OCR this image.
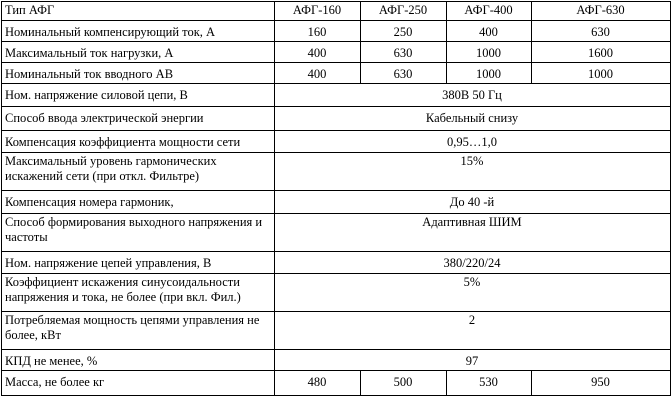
Тип АФГ	АФГ-160	АФГ-250	АФГ-400	АФГ-630
Номинальный компенсирующий ток, А	160	250	400	630
Максимальный ток нагрузки, А	400	630	1000	1600
Номинальный ток вводного АВ	400	630	1000	1000
Ном. напряжение силовой цепи, В	380В 50 Гц			
Способ ввода электрической энергии	Кабельный снизу			
Компенсация коэффициента мощности сети	0,95…1,0			
Максимальный уровень гармонических искажений сети (при откл. Фильтре)	15%			
Компенсация номера гармоник,	До 40 -й			
Способ формирования выходного напряжения и частоты	Адаптивная ШИМ			
Ном. напряжение цепей управления, В	380/220/24			
Коэффициент искажения синусоидальности напряжения и тока, не более (при вкл. Фил.)	5%			
Потребляемая мощность цепями управления не более, кВт	2			
КПД не менее, %	97			
Масса, не более кг	480	500	530	950
